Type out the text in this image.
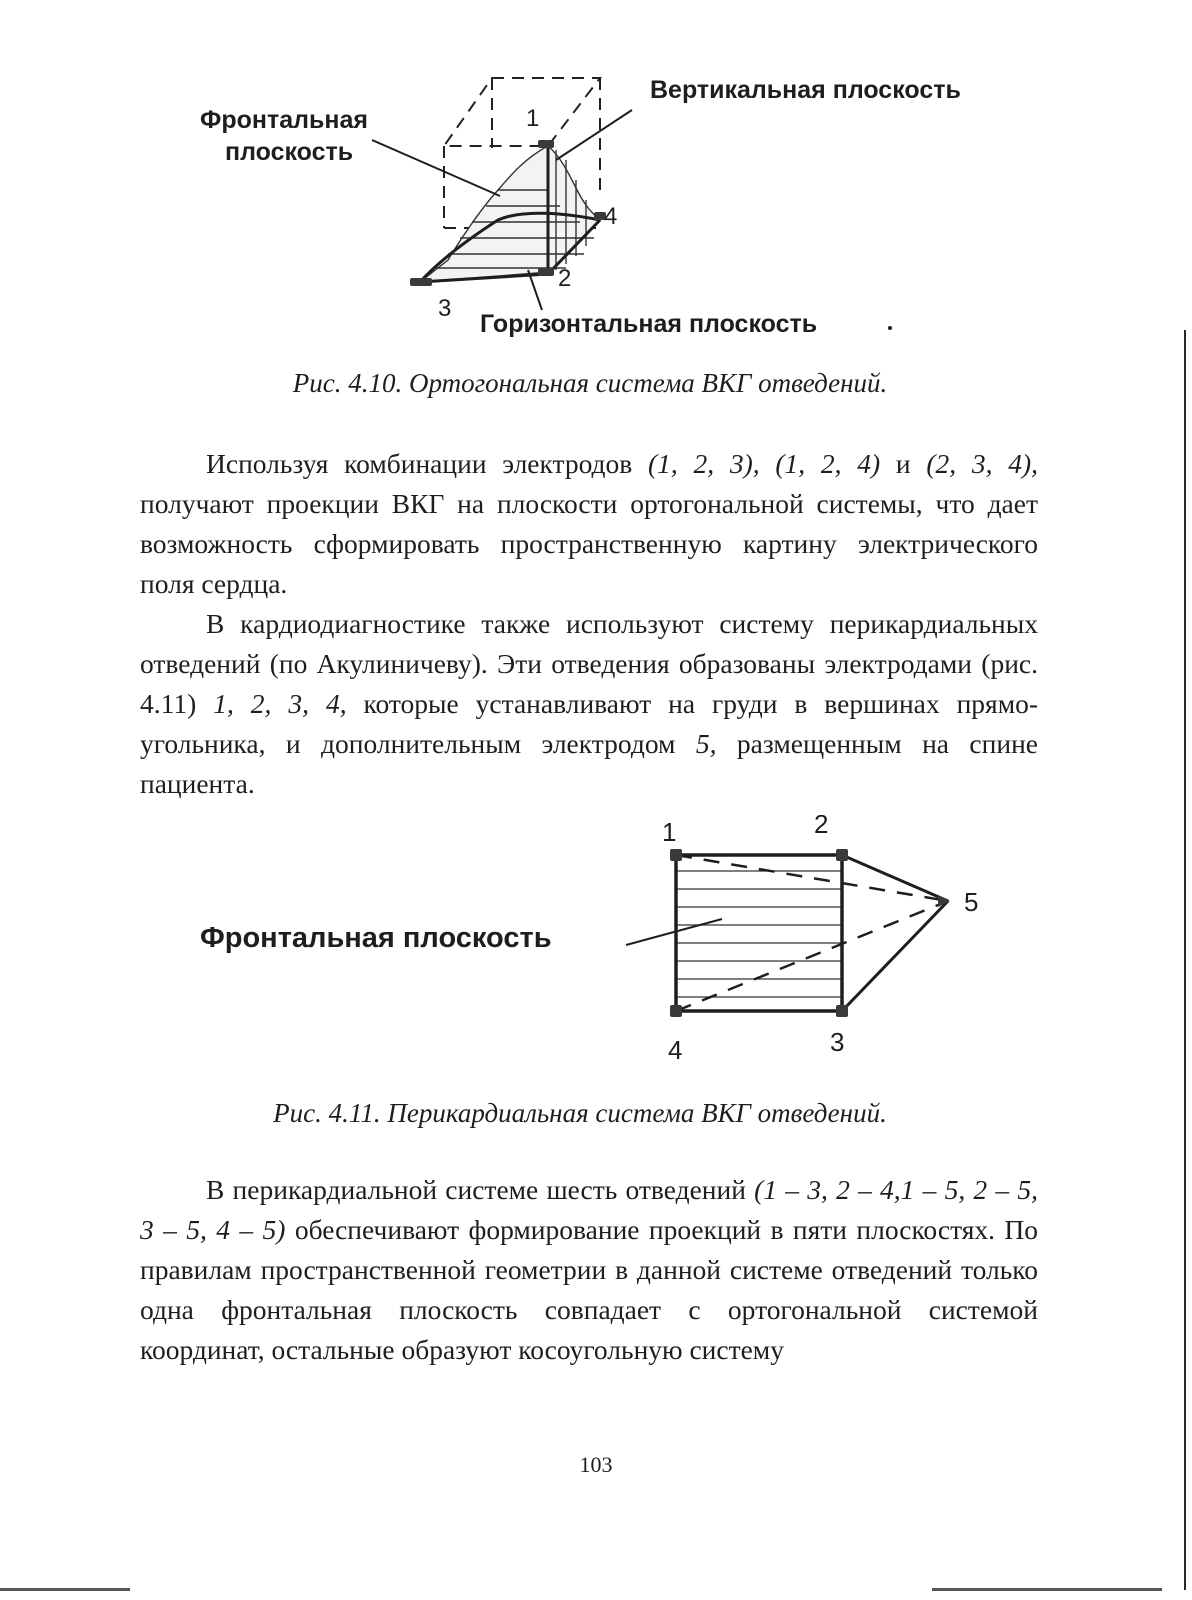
Вертикальная плоскость
Фронтальная
плоскость
Горизонтальная плоскость
1
2
3
4
Рис. 4.10. Ортогональная система ВКГ отведений.

Используя комбинации электродов (1, 2, 3), (1, 2, 4) и (2, 3, 4), получают проекции ВКГ на плоскости ортогональной системы, что дает возможность сформировать пространственную картину электрического поля сердца.

В кардиодиагностике также используют систему перикардиальных отведений (по Акулиничеву). Эти отведения образованы электродами (рис. 4.11) 1, 2, 3, 4, которые устанавливают на груди в вершинах прямо-угольника, и дополнительным электродом 5, размещенным на спине пациента.

Фронтальная плоскость
1	2
3
4
5
Рис. 4.11. Перикардиальная система ВКГ отведений.

В перикардиальной системе шесть отведений (1 – 3, 2 – 4,1 – 5, 2 – 5, 3 – 5, 4 – 5) обеспечивают формирование проекций в пяти плоскостях. По правилам пространственной геометрии в данной системе отведений только одна фронтальная плоскость совпадает с ортогональной системой координат, остальные образуют косоугольную систему

103
